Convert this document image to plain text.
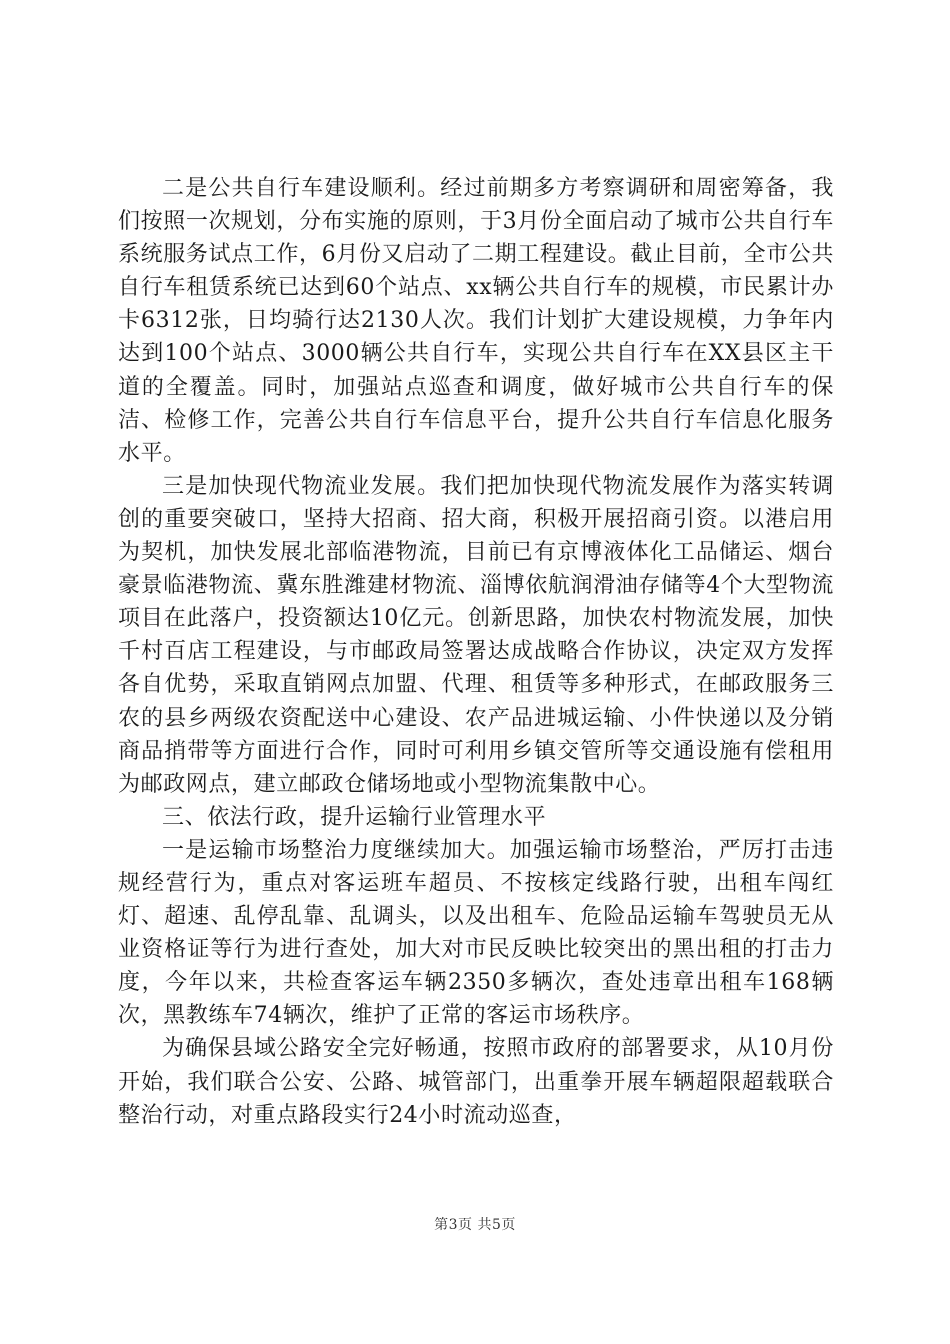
二是公共自行车建设顺利。经过前期多方考察调研和周密筹备，我们按照一次规划，分布实施的原则，于3月份全面启动了城市公共自行车系统服务试点工作，6月份又启动了二期工程建设。截止目前，全市公共自行车租赁系统已达到60个站点、xx辆公共自行车的规模，市民累计办卡6312张，日均骑行达2130人次。我们计划扩大建设规模，力争年内达到100个站点、3000辆公共自行车，实现公共自行车在XX县区主干道的全覆盖。同时，加强站点巡查和调度，做好城市公共自行车的保洁、检修工作，完善公共自行车信息平台，提升公共自行车信息化服务水平。

三是加快现代物流业发展。我们把加快现代物流发展作为落实转调创的重要突破口，坚持大招商、招大商，积极开展招商引资。以港启用为契机，加快发展北部临港物流，目前已有京博液体化工品储运、烟台豪景临港物流、冀东胜潍建材物流、淄博依航润滑油存储等4个大型物流项目在此落户，投资额达10亿元。创新思路，加快农村物流发展，加快千村百店工程建设，与市邮政局签署达成战略合作协议，决定双方发挥各自优势，采取直销网点加盟、代理、租赁等多种形式，在邮政服务三农的县乡两级农资配送中心建设、农产品进城运输、小件快递以及分销商品捎带等方面进行合作，同时可利用乡镇交管所等交通设施有偿租用为邮政网点，建立邮政仓储场地或小型物流集散中心。

三、依法行政，提升运输行业管理水平

一是运输市场整治力度继续加大。加强运输市场整治，严厉打击违规经营行为，重点对客运班车超员、不按核定线路行驶，出租车闯红灯、超速、乱停乱靠、乱调头，以及出租车、危险品运输车驾驶员无从业资格证等行为进行查处，加大对市民反映比较突出的黑出租的打击力度，今年以来，共检查客运车辆2350多辆次，查处违章出租车168辆次，黑教练车74辆次，维护了正常的客运市场秩序。

为确保县域公路安全完好畅通，按照市政府的部署要求，从10月份开始，我们联合公安、公路、城管部门，出重拳开展车辆超限超载联合整治行动，对重点路段实行24小时流动巡查，

第3页 共5页
